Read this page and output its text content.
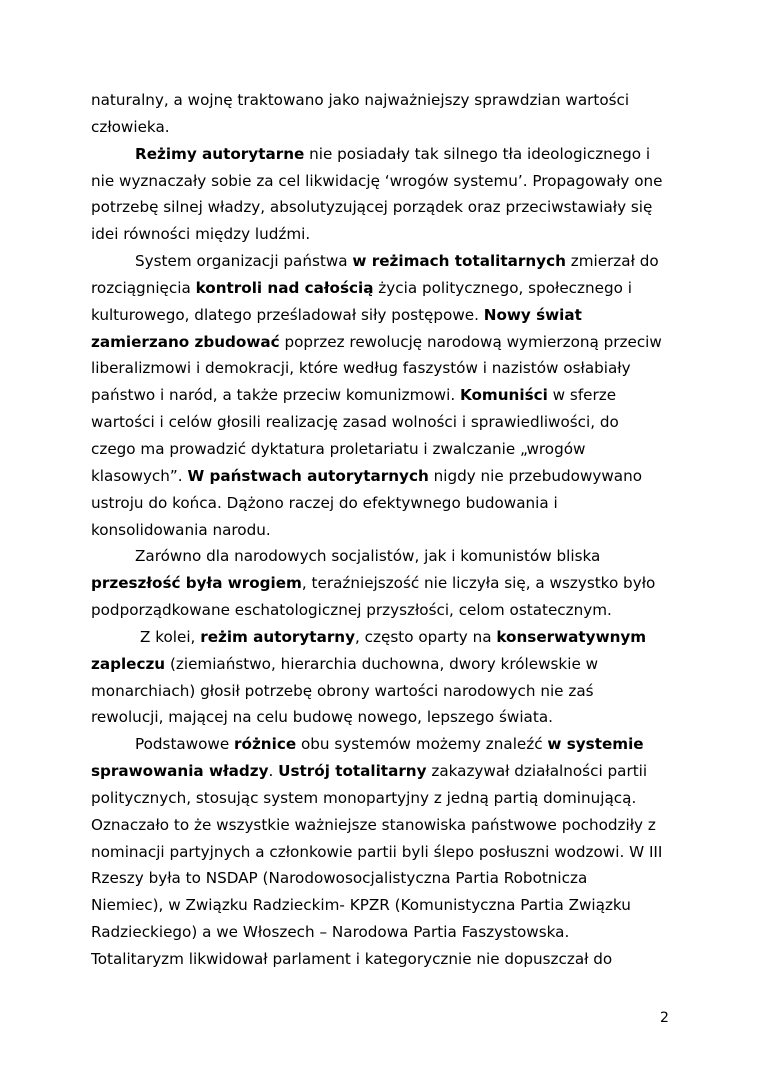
naturalny, a wojnę traktowano jako najważniejszy sprawdzian wartości
człowieka.
Reżimy autorytarne nie posiadały tak silnego tła ideologicznego i
nie wyznaczały sobie za cel likwidację ‘wrogów systemu’. Propagowały one
potrzebę silnej władzy, absolutyzującej porządek oraz przeciwstawiały się
idei równości między ludźmi.
System organizacji państwa w reżimach totalitarnych zmierzał do
rozciągnięcia kontroli nad całością życia politycznego, społecznego i
kulturowego, dlatego prześladował siły postępowe. Nowy świat
zamierzano zbudować poprzez rewolucję narodową wymierzoną przeciw
liberalizmowi i demokracji, które według faszystów i nazistów osłabiały
państwo i naród, a także przeciw komunizmowi. Komuniści w sferze
wartości i celów głosili realizację zasad wolności i sprawiedliwości, do
czego ma prowadzić dyktatura proletariatu i zwalczanie „wrogów
klasowych”. W państwach autorytarnych nigdy nie przebudowywano
ustroju do końca. Dążono raczej do efektywnego budowania i
konsolidowania narodu.
Zarówno dla narodowych socjalistów, jak i komunistów bliska
przeszłość była wrogiem, teraźniejszość nie liczyła się, a wszystko było
podporządkowane eschatologicznej przyszłości, celom ostatecznym.
Z kolei, reżim autorytarny, często oparty na konserwatywnym
zapleczu (ziemiaństwo, hierarchia duchowna, dwory królewskie w
monarchiach) głosił potrzebę obrony wartości narodowych nie zaś
rewolucji, mającej na celu budowę nowego, lepszego świata.
Podstawowe różnice obu systemów możemy znaleźć w systemie
sprawowania władzy. Ustrój totalitarny zakazywał działalności partii
politycznych, stosując system monopartyjny z jedną partią dominującą.
Oznaczało to że wszystkie ważniejsze stanowiska państwowe pochodziły z
nominacji partyjnych a członkowie partii byli ślepo posłuszni wodzowi. W III
Rzeszy była to NSDAP (Narodowosocjalistyczna Partia Robotnicza
Niemiec), w Związku Radzieckim- KPZR (Komunistyczna Partia Związku
Radzieckiego) a we Włoszech – Narodowa Partia Faszystowska.
Totalitaryzm likwidował parlament i kategorycznie nie dopuszczał do
2
